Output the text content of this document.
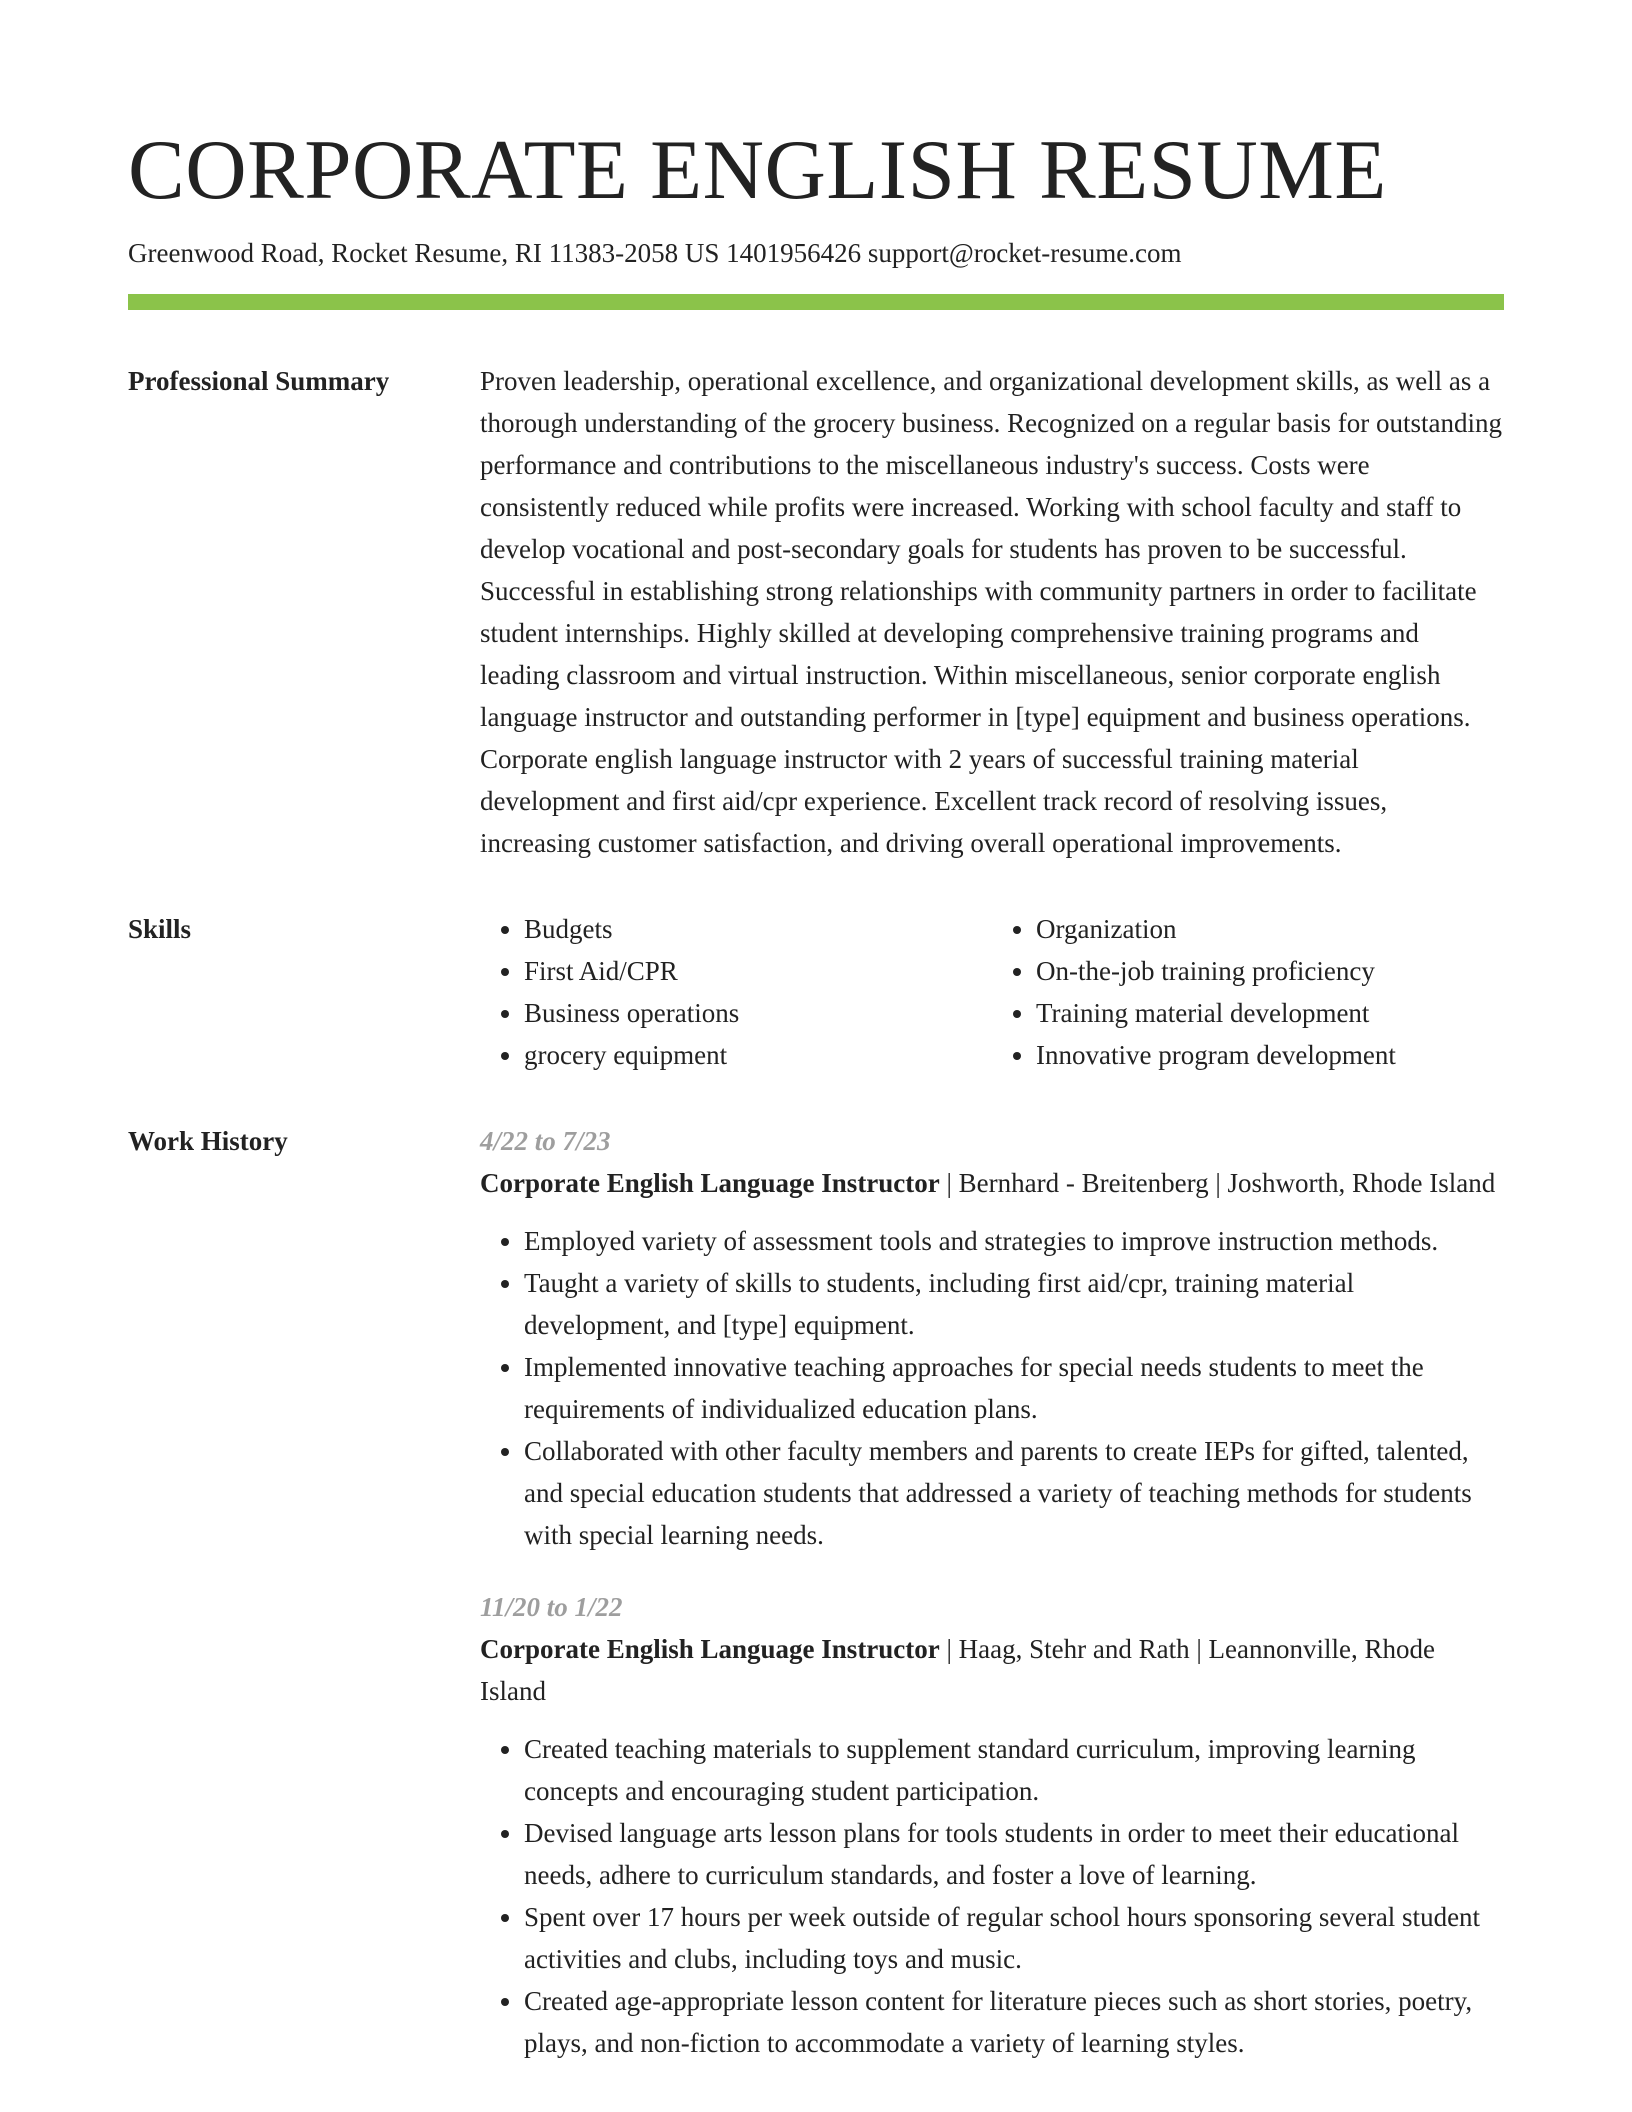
CORPORATE ENGLISH RESUME
Greenwood Road, Rocket Resume, RI 11383-2058 US 1401956426 support@rocket-resume.com
Professional Summary	Proven leadership, operational excellence, and organizational development skills, as well as a thorough understanding of the grocery business. Recognized on a regular basis for outstanding performance and contributions to the miscellaneous industry's success. Costs were consistently reduced while profits were increased. Working with school faculty and staff to develop vocational and post-secondary goals for students has proven to be successful. Successful in establishing strong relationships with community partners in order to facilitate student internships. Highly skilled at developing comprehensive training programs and leading classroom and virtual instruction. Within miscellaneous, senior corporate english language instructor and outstanding performer in [type] equipment and business operations. Corporate english language instructor with 2 years of successful training material development and first aid/cpr experience. Excellent track record of resolving issues, increasing customer satisfaction, and driving overall operational improvements.

Skills
•	Budgets
• First Aid/CPR
• Business operations
• grocery equipment
• Organization
• On-the-job training proficiency
• Training material development
• Innovative program development
Work History	4/22 to 7/23
Corporate English Language Instructor | Bernhard - Breitenberg | Joshworth, Rhode Island
• Employed variety of assessment tools and strategies to improve instruction methods.
• Taught a variety of skills to students, including first aid/cpr, training material development, and [type] equipment.
• Implemented innovative teaching approaches for special needs students to meet the requirements of individualized education plans.
• Collaborated with other faculty members and parents to create IEPs for gifted, talented, and special education students that addressed a variety of teaching methods for students with special learning needs.
11/20 to 1/22
Corporate English Language Instructor | Haag, Stehr and Rath | Leannonville, Rhode Island
• Created teaching materials to supplement standard curriculum, improving learning concepts and encouraging student participation.
• Devised language arts lesson plans for tools students in order to meet their educational needs, adhere to curriculum standards, and foster a love of learning.
• Spent over 17 hours per week outside of regular school hours sponsoring several student activities and clubs, including toys and music.
• Created age-appropriate lesson content for literature pieces such as short stories, poetry, plays, and non-fiction to accommodate a variety of learning styles.
